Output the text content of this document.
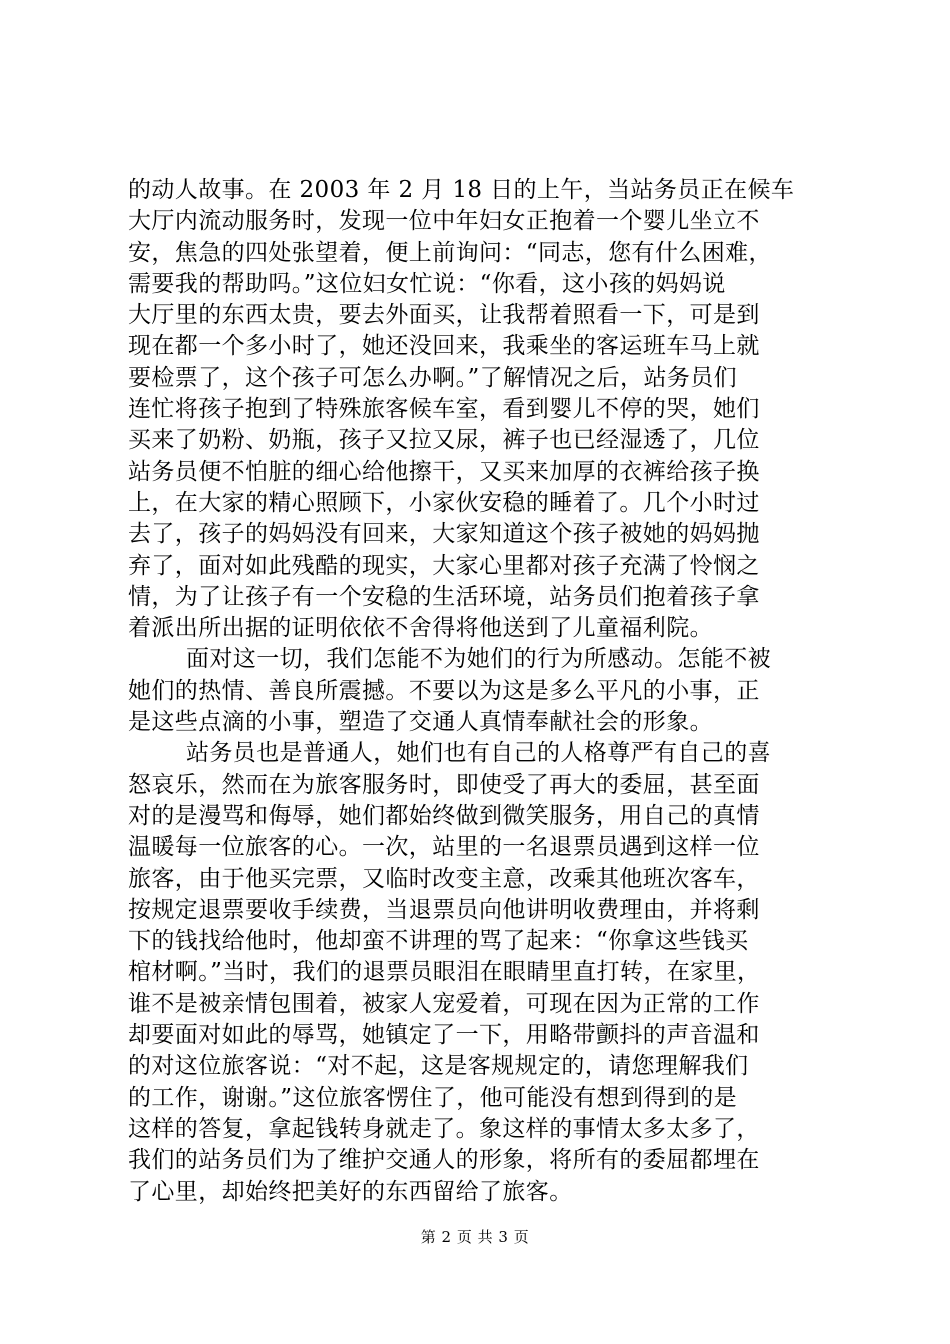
的动人故事。在 2003 年 2 月 18 日的上午，当站务员正在候车
大厅内流动服务时，发现一位中年妇女正抱着一个婴儿坐立不
安，焦急的四处张望着，便上前询问：“同志，您有什么困难，
需要我的帮助吗。”这位妇女忙说：“你看，这小孩的妈妈说
大厅里的东西太贵，要去外面买，让我帮着照看一下，可是到
现在都一个多小时了，她还没回来，我乘坐的客运班车马上就
要检票了，这个孩子可怎么办啊。”了解情况之后，站务员们
连忙将孩子抱到了特殊旅客候车室，看到婴儿不停的哭，她们
买来了奶粉、奶瓶，孩子又拉又尿，裤子也已经湿透了，几位
站务员便不怕脏的细心给他擦干，又买来加厚的衣裤给孩子换
上，在大家的精心照顾下，小家伙安稳的睡着了。几个小时过
去了，孩子的妈妈没有回来，大家知道这个孩子被她的妈妈抛
弃了，面对如此残酷的现实，大家心里都对孩子充满了怜悯之
情，为了让孩子有一个安稳的生活环境，站务员们抱着孩子拿
着派出所出据的证明依依不舍得将他送到了儿童福利院。
面对这一切，我们怎能不为她们的行为所感动。怎能不被
她们的热情、善良所震撼。不要以为这是多么平凡的小事，正
是这些点滴的小事，塑造了交通人真情奉献社会的形象。
站务员也是普通人，她们也有自己的人格尊严有自己的喜
怒哀乐，然而在为旅客服务时，即使受了再大的委屈，甚至面
对的是漫骂和侮辱，她们都始终做到微笑服务，用自己的真情
温暖每一位旅客的心。一次，站里的一名退票员遇到这样一位
旅客，由于他买完票，又临时改变主意，改乘其他班次客车，
按规定退票要收手续费，当退票员向他讲明收费理由，并将剩
下的钱找给他时，他却蛮不讲理的骂了起来：“你拿这些钱买
棺材啊。”当时，我们的退票员眼泪在眼睛里直打转，在家里，
谁不是被亲情包围着，被家人宠爱着，可现在因为正常的工作
却要面对如此的辱骂，她镇定了一下，用略带颤抖的声音温和
的对这位旅客说：“对不起，这是客规规定的，请您理解我们
的工作，谢谢。”这位旅客愣住了，他可能没有想到得到的是
这样的答复，拿起钱转身就走了。象这样的事情太多太多了，
我们的站务员们为了维护交通人的形象，将所有的委屈都埋在
了心里，却始终把美好的东西留给了旅客。
第 2 页 共 3 页
